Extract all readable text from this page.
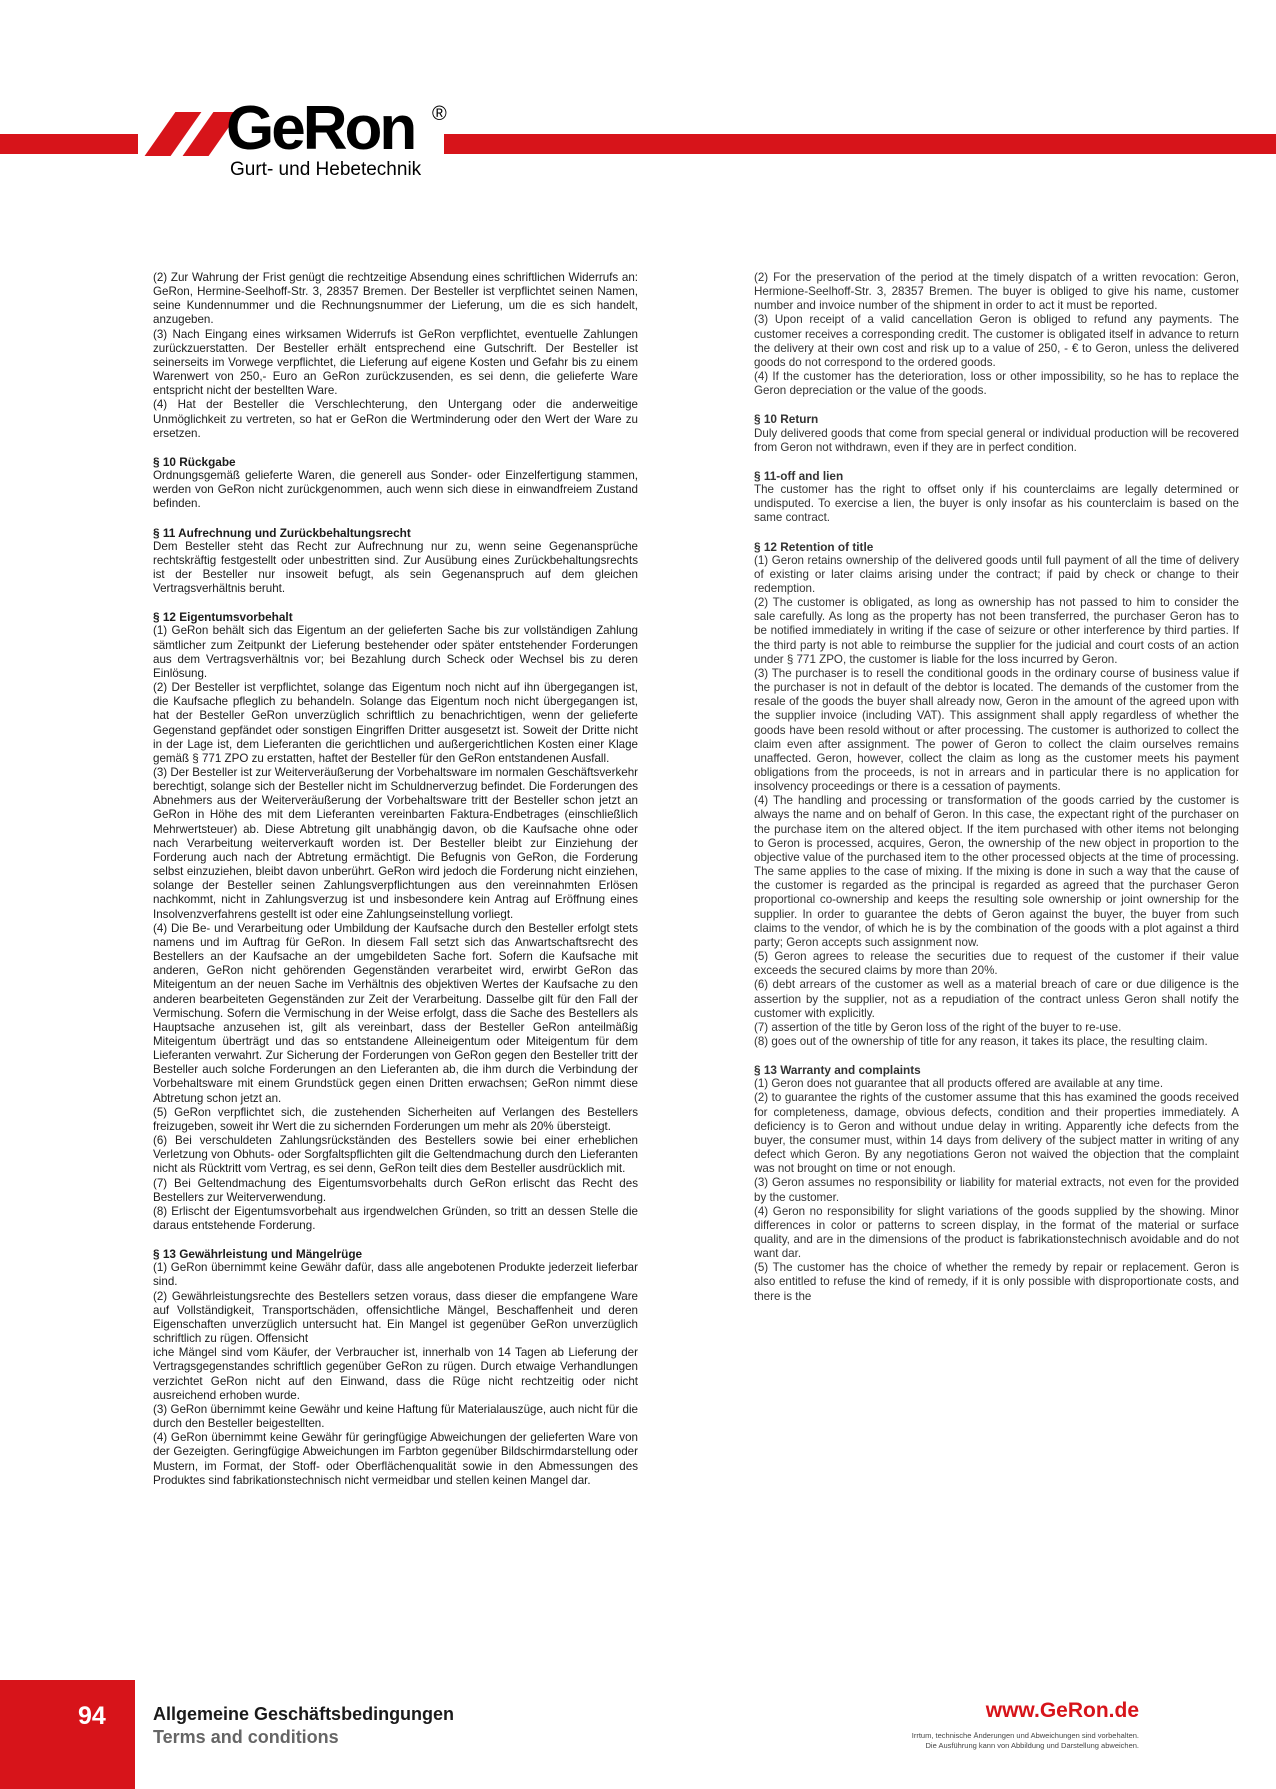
GeRon ®
Gurt- und Hebetechnik

(2) Zur Wahrung der Frist genügt die rechtzeitige Absendung eines schriftlichen Widerrufs an: GeRon, Hermine-Seelhoff-Str. 3, 28357 Bremen. Der Besteller ist verpflichtet seinen Namen, seine Kundennummer und die Rechnungsnummer der Lieferung, um die es sich handelt, anzugeben.

(3) Nach Eingang eines wirksamen Widerrufs ist GeRon verpflichtet, eventuelle Zahlungen zurückzuerstatten. Der Besteller erhält entsprechend eine Gutschrift. Der Besteller ist seinerseits im Vorwege verpflichtet, die Lieferung auf eigene Kosten und Gefahr bis zu einem Warenwert von 250,- Euro an GeRon zurückzusenden, es sei denn, die gelieferte Ware entspricht nicht der bestellten Ware.

(4) Hat der Besteller die Verschlechterung, den Untergang oder die anderweitige Unmöglichkeit zu vertreten, so hat er GeRon die Wertminderung oder den Wert der Ware zu ersetzen.

§ 10 Rückgabe

Ordnungsgemäß gelieferte Waren, die generell aus Sonder- oder Einzelfertigung stammen, werden von GeRon nicht zurückgenommen, auch wenn sich diese in einwandfreiem Zustand befinden.

§ 11 Aufrechnung und Zurückbehaltungsrecht

Dem Besteller steht das Recht zur Aufrechnung nur zu, wenn seine Gegenansprüche rechtskräftig festgestellt oder unbestritten sind. Zur Ausübung eines Zurückbehaltungsrechts ist der Besteller nur insoweit befugt, als sein Gegenanspruch auf dem gleichen Vertragsverhältnis beruht.

§ 12 Eigentumsvorbehalt

(1) GeRon behält sich das Eigentum an der gelieferten Sache bis zur vollständigen Zahlung sämtlicher zum Zeitpunkt der Lieferung bestehender oder später entstehender Forderungen aus dem Vertragsverhältnis vor; bei Bezahlung durch Scheck oder Wechsel bis zu deren Einlösung.

(2) Der Besteller ist verpflichtet, solange das Eigentum noch nicht auf ihn übergegangen ist, die Kaufsache pfleglich zu behandeln. Solange das Eigentum noch nicht übergegangen ist, hat der Besteller GeRon unverzüglich schriftlich zu benachrichtigen, wenn der gelieferte Gegenstand gepfändet oder sonstigen Eingriffen Dritter ausgesetzt ist. Soweit der Dritte nicht in der Lage ist, dem Lieferanten die gerichtlichen und außergerichtlichen Kosten einer Klage gemäß § 771 ZPO zu erstatten, haftet der Besteller für den GeRon entstandenen Ausfall.

(3) Der Besteller ist zur Weiterveräußerung der Vorbehaltsware im normalen Geschäftsverkehr berechtigt, solange sich der Besteller nicht im Schuldnerverzug befindet. Die Forderungen des Abnehmers aus der Weiterveräußerung der Vorbehaltsware tritt der Besteller schon jetzt an GeRon in Höhe des mit dem Lieferanten vereinbarten Faktura-Endbetrages (einschließlich Mehrwertsteuer) ab. Diese Abtretung gilt unabhängig davon, ob die Kaufsache ohne oder nach Verarbeitung weiterverkauft worden ist. Der Besteller bleibt zur Einziehung der Forderung auch nach der Abtretung ermächtigt. Die Befugnis von GeRon, die Forderung selbst einzuziehen, bleibt davon unberührt. GeRon wird jedoch die Forderung nicht einziehen, solange der Besteller seinen Zahlungsverpflichtungen aus den vereinnahmten Erlösen nachkommt, nicht in Zahlungsverzug ist und insbesondere kein Antrag auf Eröffnung eines Insolvenzverfahrens gestellt ist oder eine Zahlungseinstellung vorliegt.

(4) Die Be- und Verarbeitung oder Umbildung der Kaufsache durch den Besteller erfolgt stets namens und im Auftrag für GeRon. In diesem Fall setzt sich das Anwartschaftsrecht des Bestellers an der Kaufsache an der umgebildeten Sache fort. Sofern die Kaufsache mit anderen, GeRon nicht gehörenden Gegenständen verarbeitet wird, erwirbt GeRon das Miteigentum an der neuen Sache im Verhältnis des objektiven Wertes der Kaufsache zu den anderen bearbeiteten Gegenständen zur Zeit der Verarbeitung. Dasselbe gilt für den Fall der Vermischung. Sofern die Vermischung in der Weise erfolgt, dass die Sache des Bestellers als Hauptsache anzusehen ist, gilt als vereinbart, dass der Besteller GeRon anteilmäßig Miteigentum überträgt und das so entstandene Alleineigentum oder Miteigentum für dem Lieferanten verwahrt. Zur Sicherung der Forderungen von GeRon gegen den Besteller tritt der Besteller auch solche Forderungen an den Lieferanten ab, die ihm durch die Verbindung der Vorbehaltsware mit einem Grundstück gegen einen Dritten erwachsen; GeRon nimmt diese Abtretung schon jetzt an.

(5) GeRon verpflichtet sich, die zustehenden Sicherheiten auf Verlangen des Bestellers freizugeben, soweit ihr Wert die zu sichernden Forderungen um mehr als 20% übersteigt.

(6) Bei verschuldeten Zahlungsrückständen des Bestellers sowie bei einer erheblichen Verletzung von Obhuts- oder Sorgfaltspflichten gilt die Geltendmachung durch den Lieferanten nicht als Rücktritt vom Vertrag, es sei denn, GeRon teilt dies dem Besteller ausdrücklich mit.

(7) Bei Geltendmachung des Eigentumsvorbehalts durch GeRon erlischt das Recht des Bestellers zur Weiterverwendung.

(8) Erlischt der Eigentumsvorbehalt aus irgendwelchen Gründen, so tritt an dessen Stelle die daraus entstehende Forderung.

§ 13 Gewährleistung und Mängelrüge

(1) GeRon übernimmt keine Gewähr dafür, dass alle angebotenen Produkte jederzeit lieferbar sind.

(2) Gewährleistungsrechte des Bestellers setzen voraus, dass dieser die empfangene Ware auf Vollständigkeit, Transportschäden, offensichtliche Mängel, Beschaffenheit und deren Eigenschaften unverzüglich untersucht hat. Ein Mangel ist gegenüber GeRon unverzüglich schriftlich zu rügen. Offensicht

iche Mängel sind vom Käufer, der Verbraucher ist, innerhalb von 14 Tagen ab Lieferung der Vertragsgegenstandes schriftlich gegenüber GeRon zu rügen. Durch etwaige Verhandlungen verzichtet GeRon nicht auf den Einwand, dass die Rüge nicht rechtzeitig oder nicht ausreichend erhoben wurde.

(3) GeRon übernimmt keine Gewähr und keine Haftung für Materialauszüge, auch nicht für die durch den Besteller beigestellten.

(4) GeRon übernimmt keine Gewähr für geringfügige Abweichungen der gelieferten Ware von der Gezeigten. Geringfügige Abweichungen im Farbton gegenüber Bildschirmdarstellung oder Mustern, im Format, der Stoff- oder Oberflächenqualität sowie in den Abmessungen des Produktes sind fabrikationstechnisch nicht vermeidbar und stellen keinen Mangel dar.

(2) For the preservation of the period at the timely dispatch of a written revocation: Geron, Hermione-Seelhoff-Str. 3, 28357 Bremen. The buyer is obliged to give his name, customer number and invoice number of the shipment in order to act it must be reported.

(3) Upon receipt of a valid cancellation Geron is obliged to refund any payments. The customer receives a corresponding credit. The customer is obligated itself in advance to return the delivery at their own cost and risk up to a value of 250, - € to Geron, unless the delivered goods do not correspond to the ordered goods.

(4) If the customer has the deterioration, loss or other impossibility, so he has to replace the Geron depreciation or the value of the goods.

§ 10 Return

Duly delivered goods that come from special general or individual production will be recovered from Geron not withdrawn, even if they are in perfect condition.

§ 11-off and lien

The customer has the right to offset only if his counterclaims are legally determined or undisputed. To exercise a lien, the buyer is only insofar as his counterclaim is based on the same contract.

§ 12 Retention of title

(1) Geron retains ownership of the delivered goods until full payment of all the time of delivery of existing or later claims arising under the contract; if paid by check or change to their redemption.

(2) The customer is obligated, as long as ownership has not passed to him to consider the sale carefully. As long as the property has not been transferred, the purchaser Geron has to be notified immediately in writing if the case of seizure or other interference by third parties. If the third party is not able to reimburse the supplier for the judicial and court costs of an action under § 771 ZPO, the customer is liable for the loss incurred by Geron.

(3) The purchaser is to resell the conditional goods in the ordinary course of business value if the purchaser is not in default of the debtor is located. The demands of the customer from the resale of the goods the buyer shall already now, Geron in the amount of the agreed upon with the supplier invoice (including VAT). This assignment shall apply regardless of whether the goods have been resold without or after processing. The customer is authorized to collect the claim even after assignment. The power of Geron to collect the claim ourselves remains unaffected. Geron, however, collect the claim as long as the customer meets his payment obligations from the proceeds, is not in arrears and in particular there is no application for insolvency proceedings or there is a cessation of payments.

(4) The handling and processing or transformation of the goods carried by the customer is always the name and on behalf of Geron. In this case, the expectant right of the purchaser on the purchase item on the altered object. If the item purchased with other items not belonging to Geron is processed, acquires, Geron, the ownership of the new object in proportion to the objective value of the purchased item to the other processed objects at the time of processing. The same applies to the case of mixing. If the mixing is done in such a way that the cause of the customer is regarded as the principal is regarded as agreed that the purchaser Geron proportional co-ownership and keeps the resulting sole ownership or joint ownership for the supplier. In order to guarantee the debts of Geron against the buyer, the buyer from such claims to the vendor, of which he is by the combination of the goods with a plot against a third party; Geron accepts such assignment now.

(5) Geron agrees to release the securities due to request of the customer if their value exceeds the secured claims by more than 20%.

(6) debt arrears of the customer as well as a material breach of care or due diligence is the assertion by the supplier, not as a repudiation of the contract unless Geron shall notify the customer with explicitly.

(7) assertion of the title by Geron loss of the right of the buyer to re-use.

(8) goes out of the ownership of title for any reason, it takes its place, the resulting claim.

§ 13 Warranty and complaints

(1) Geron does not guarantee that all products offered are available at any time.

(2) to guarantee the rights of the customer assume that this has examined the goods received for completeness, damage, obvious defects, condition and their properties immediately. A deficiency is to Geron and without undue delay in writing. Apparently iche defects from the buyer, the consumer must, within 14 days from delivery of the subject matter in writing of any defect which Geron. By any negotiations Geron not waived the objection that the complaint was not brought on time or not enough.

(3) Geron assumes no responsibility or liability for material extracts, not even for the provided by the customer.

(4) Geron no responsibility for slight variations of the goods supplied by the showing. Minor differences in color or patterns to screen display, in the format of the material or surface quality, and are in the dimensions of the product is fabrikationstechnisch avoidable and do not want dar.

(5) The customer has the choice of whether the remedy by repair or replacement. Geron is also entitled to refuse the kind of remedy, if it is only possible with disproportionate costs, and there is the

94	Allgemeine Geschäftsbedingungen
Terms and conditions
www.GeRon.de
Irrtum, technische Änderungen und Abweichungen sind vorbehalten.
Die Ausführung kann von Abbildung und Darstellung abweichen.
